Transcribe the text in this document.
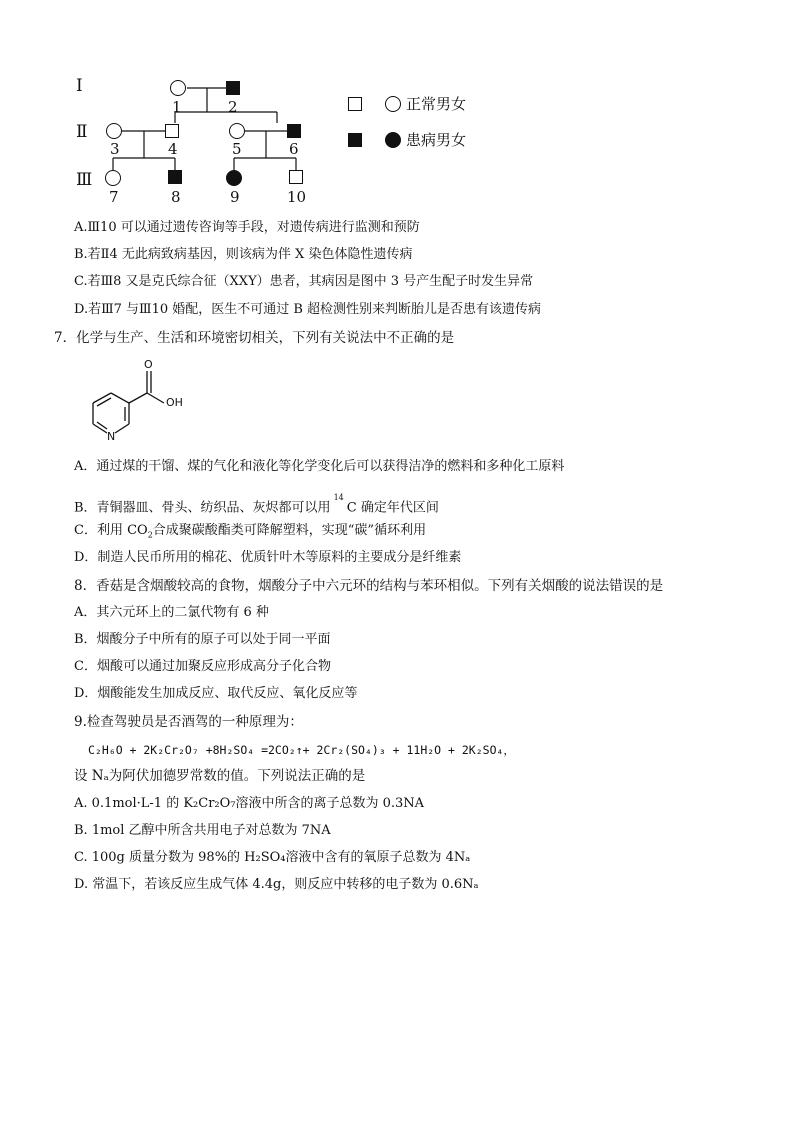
Ⅰ
Ⅱ
Ⅲ
1	2
3	4	5	6
7	8	9	10
正常男女
患病男女
A.Ⅲ10 可以通过遗传咨询等手段，对遗传病进行监测和预防
B.若Ⅱ4 无此病致病基因，则该病为伴 X 染色体隐性遗传病
C.若Ⅲ8 又是克氏综合征（XXY）患者，其病因是图中 3 号产生配子时发生异常
D.若Ⅲ7 与Ⅲ10 婚配，医生不可通过 B 超检测性别来判断胎儿是否患有该遗传病
7．化学与生产、生活和环境密切相关，下列有关说法中不正确的是
O
OH
N
A．通过煤的干馏、煤的气化和液化等化学变化后可以获得洁净的燃料和多种化工原料
B．青铜器皿、骨头、纺织品、灰烬都可以用$^{14}$C 确定年代区间
C．利用 $CO_2$合成聚碳酸酯类可降解塑料，实现“碳”循环利用
D．制造人民币所用的棉花、优质针叶木等原料的主要成分是纤维素
8．香菇是含烟酸较高的食物，烟酸分子中六元环的结构与苯环相似。下列有关烟酸的说法错误的是
A．其六元环上的二氯代物有 6 种
B．烟酸分子中所有的原子可以处于同一平面
C．烟酸可以通过加聚反应形成高分子化合物
D．烟酸能发生加成反应、取代反应、氧化反应等
9.检查驾驶员是否酒驾的一种原理为：
C₂H₆O + 2K₂Cr₂O₇ +8H₂SO₄ =2CO₂↑+ 2Cr₂(SO₄)₃ + 11H₂O + 2K₂SO₄，
设 Nₐ为阿伏加德罗常数的值。下列说法正确的是
A. 0.1mol·L-1 的 K₂Cr₂O₇溶液中所含的离子总数为 0.3NA
B. 1mol 乙醇中所含共用电子对总数为 7NA
C. 100g 质量分数为 98%的 H₂SO₄溶液中含有的氧原子总数为 4Nₐ
D. 常温下，若该反应生成气体 4.4g，则反应中转移的电子数为 0.6Nₐ
